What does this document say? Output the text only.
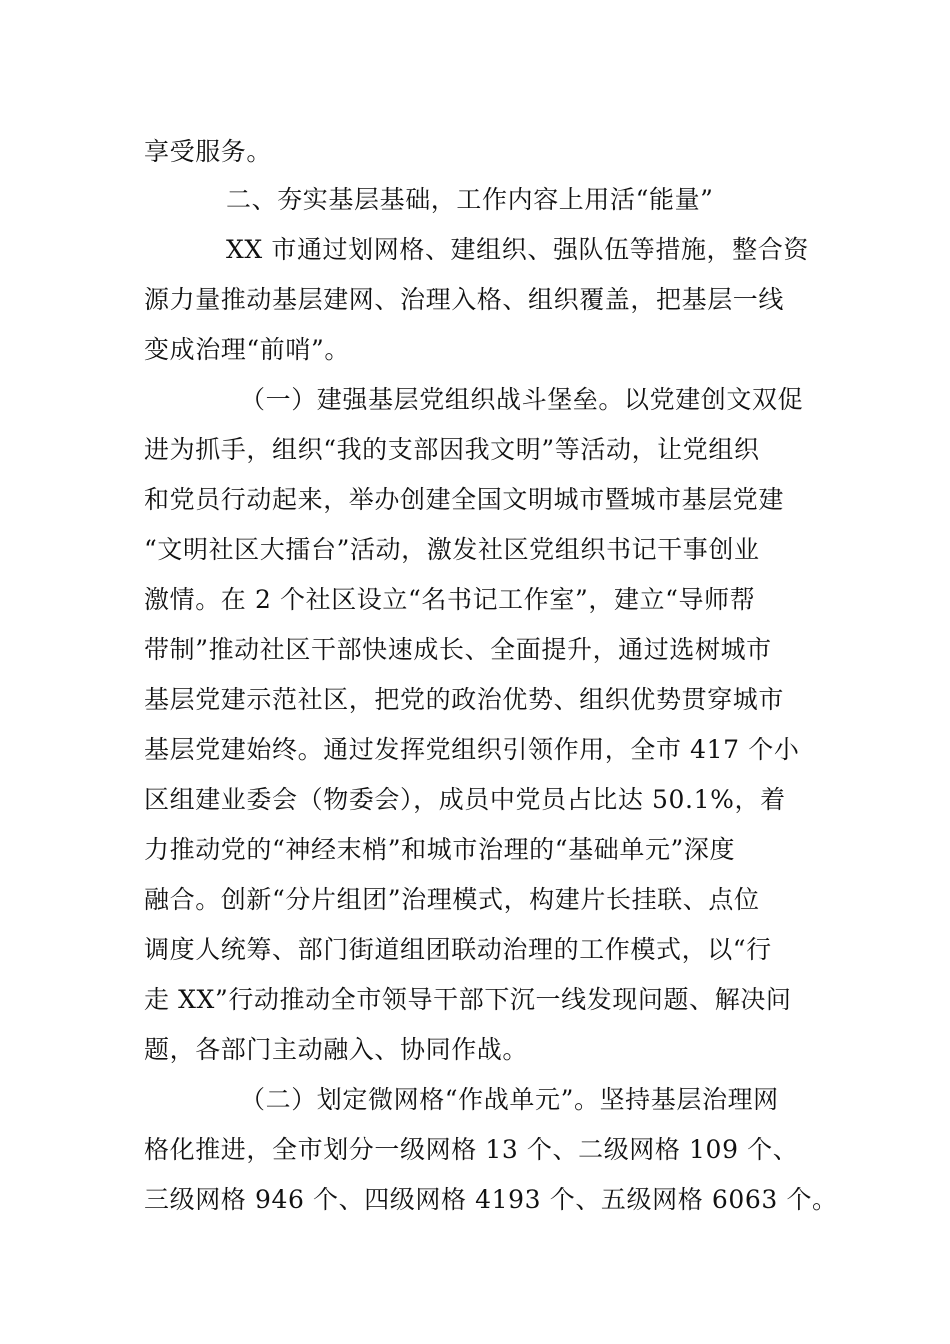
享受服务。
二、夯实基层基础，工作内容上用活“能量”
XX 市通过划网格、建组织、强队伍等措施，整合资
源力量推动基层建网、治理入格、组织覆盖，把基层一线
变成治理“前哨”。
（一）建强基层党组织战斗堡垒。以党建创文双促
进为抓手，组织“我的支部因我文明”等活动，让党组织
和党员行动起来，举办创建全国文明城市暨城市基层党建
“文明社区大擂台”活动，激发社区党组织书记干事创业
激情。在 2 个社区设立“名书记工作室”，建立“导师帮
带制”推动社区干部快速成长、全面提升，通过选树城市
基层党建示范社区，把党的政治优势、组织优势贯穿城市
基层党建始终。通过发挥党组织引领作用，全市 417 个小
区组建业委会（物委会），成员中党员占比达 50.1%，着
力推动党的“神经末梢”和城市治理的“基础单元”深度
融合。创新“分片组团”治理模式，构建片长挂联、点位
调度人统筹、部门街道组团联动治理的工作模式，以“行
走 XX”行动推动全市领导干部下沉一线发现问题、解决问
题，各部门主动融入、协同作战。
（二）划定微网格“作战单元”。坚持基层治理网
格化推进，全市划分一级网格 13 个、二级网格 109 个、
三级网格 946 个、四级网格 4193 个、五级网格 6063 个。
